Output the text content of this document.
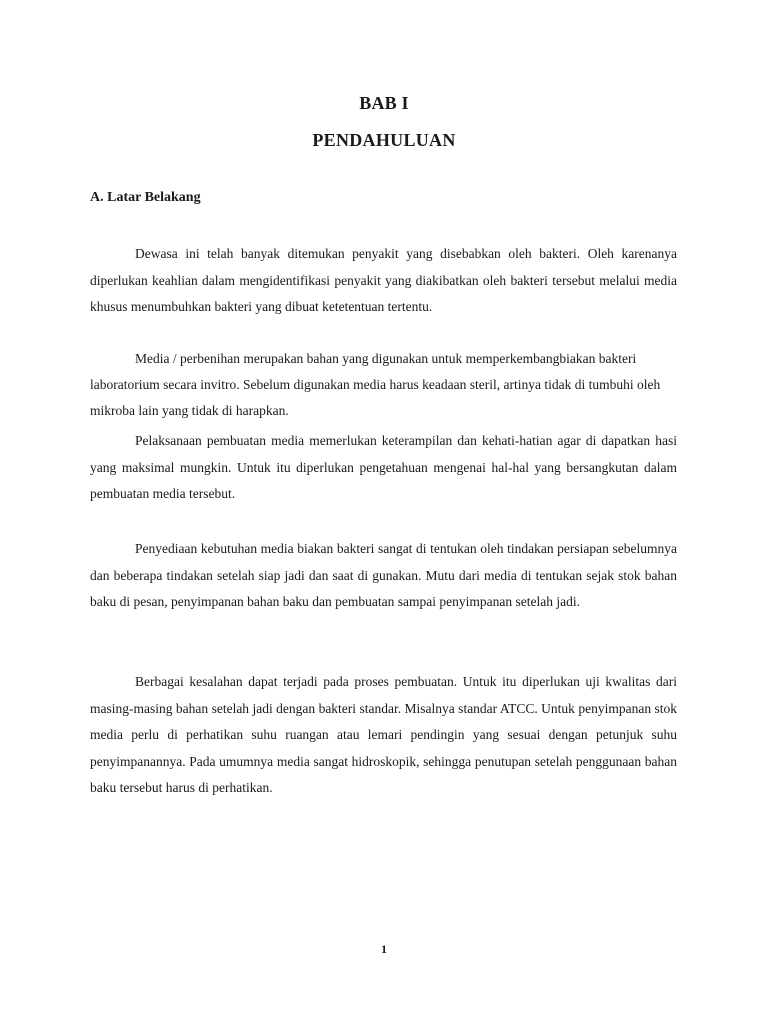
BAB I
PENDAHULUAN
A. Latar Belakang

Dewasa ini telah banyak ditemukan penyakit yang disebabkan oleh bakteri. Oleh karenanya diperlukan keahlian dalam mengidentifikasi penyakit yang diakibatkan oleh bakteri tersebut melalui media khusus menumbuhkan bakteri yang dibuat ketetentuan tertentu.

Media / perbenihan merupakan bahan yang digunakan untuk memperkembangbiakan bakteri laboratorium secara invitro. Sebelum digunakan media harus keadaan steril, artinya tidak di tumbuhi oleh mikroba lain yang tidak di harapkan.

Pelaksanaan pembuatan media memerlukan keterampilan dan kehati-hatian agar di dapatkan hasi yang maksimal mungkin. Untuk itu diperlukan pengetahuan mengenai hal-hal yang bersangkutan dalam pembuatan media tersebut.

Penyediaan kebutuhan media biakan bakteri sangat di tentukan oleh tindakan persiapan sebelumnya dan beberapa tindakan setelah siap jadi dan saat di gunakan. Mutu dari media di tentukan sejak stok bahan baku di pesan, penyimpanan bahan baku dan pembuatan sampai penyimpanan setelah jadi.

Berbagai kesalahan dapat terjadi pada proses pembuatan. Untuk itu diperlukan uji kwalitas dari masing-masing bahan setelah jadi dengan bakteri standar. Misalnya standar ATCC. Untuk penyimpanan stok media perlu di perhatikan suhu ruangan atau lemari pendingin yang sesuai dengan petunjuk suhu penyimpanannya. Pada umumnya media sangat hidroskopik, sehingga penutupan setelah penggunaan bahan baku tersebut harus di perhatikan.

1
